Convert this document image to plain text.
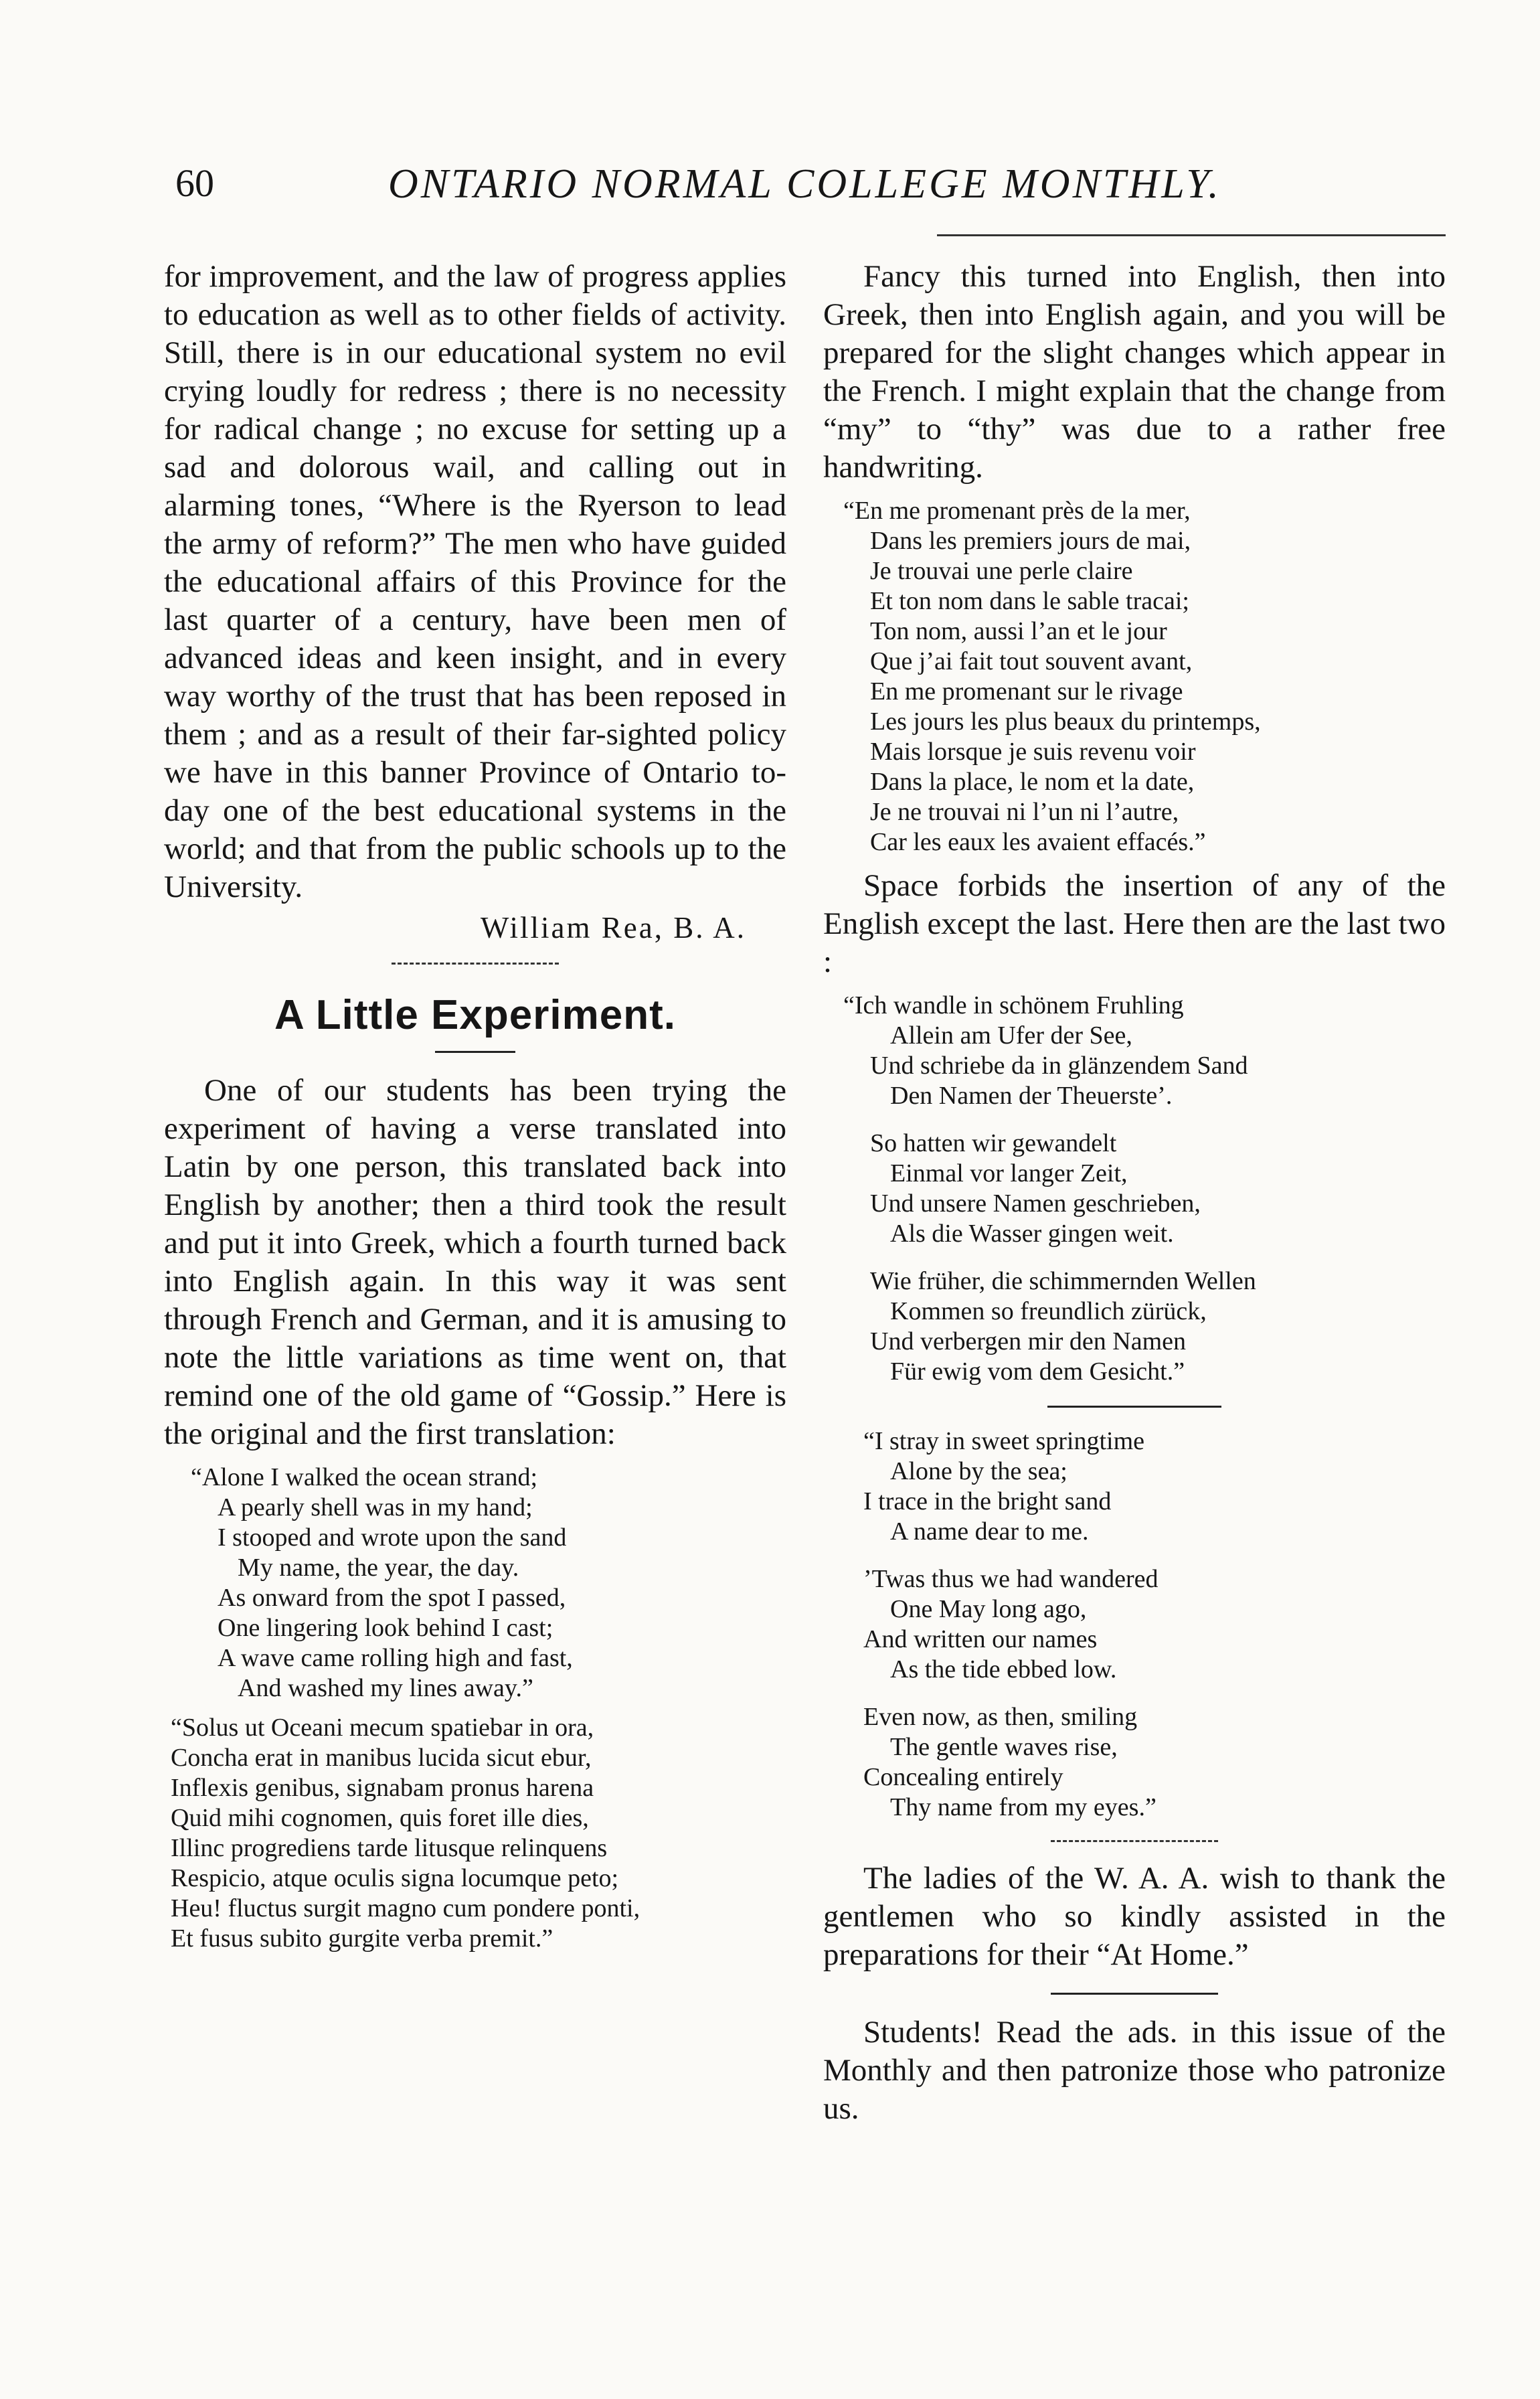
60	ONTARIO NORMAL COLLEGE MONTHLY.

for improvement, and the law of progress applies to education as well as to other fields of activity. Still, there is in our educational system no evil crying loudly for redress ; there is no necessity for radical change ; no excuse for setting up a sad and dolorous wail, and calling out in alarming tones, “Where is the Ryerson to lead the army of reform?” The men who have guided the educational affairs of this Province for the last quarter of a century, have been men of advanced ideas and keen insight, and in every way worthy of the trust that has been reposed in them ; and as a result of their far-sighted policy we have in this banner Province of Ontario to-day one of the best educational systems in the world; and that from the public schools up to the University.

William Rea, B. A.

A Little Experiment.

One of our students has been trying the experiment of having a verse translated into Latin by one person, this translated back into English by another; then a third took the result and put it into Greek, which a fourth turned back into English again. In this way it was sent through French and German, and it is amusing to note the little variations as time went on, that remind one of the old game of “Gossip.” Here is the original and the first translation:

“Alone I walked the ocean strand;
A pearly shell was in my hand;
I stooped and wrote upon the sand
My name, the year, the day.
As onward from the spot I passed,
One lingering look behind I cast;
A wave came rolling high and fast,
And washed my lines away.”
“Solus ut Oceani mecum spatiebar in ora,
Concha erat in manibus lucida sicut ebur,
Inflexis genibus, signabam pronus harena
Quid mihi cognomen, quis foret ille dies,
Illinc progrediens tarde litusque relinquens
Respicio, atque oculis signa locumque peto;
Heu! fluctus surgit magno cum pondere ponti,
Et fusus subito gurgite verba premit.”

Fancy this turned into English, then into Greek, then into English again, and you will be prepared for the slight changes which appear in the French. I might explain that the change from “my” to “thy” was due to a rather free handwriting.

“En me promenant près de la mer,
Dans les premiers jours de mai,
Je trouvai une perle claire
Et ton nom dans le sable tracai;
Ton nom, aussi l’an et le jour
Que j’ai fait tout souvent avant,
En me promenant sur le rivage
Les jours les plus beaux du printemps,
Mais lorsque je suis revenu voir
Dans la place, le nom et la date,
Je ne trouvai ni l’un ni l’autre,
Car les eaux les avaient effacés.”

Space forbids the insertion of any of the English except the last. Here then are the last two :

“Ich wandle in schönem Fruhling
Allein am Ufer der See,
Und schriebe da in glänzendem Sand
Den Namen der Theuerste’.
So hatten wir gewandelt
Einmal vor langer Zeit,
Und unsere Namen geschrieben,
Als die Wasser gingen weit.
Wie früher, die schimmernden Wellen
Kommen so freundlich zürück,
Und verbergen mir den Namen
Für ewig vom dem Gesicht.”
“I stray in sweet springtime
Alone by the sea;
I trace in the bright sand
A name dear to me.
’Twas thus we had wandered
One May long ago,
And written our names
As the tide ebbed low.
Even now, as then, smiling
The gentle waves rise,
Concealing entirely
Thy name from my eyes.”

The ladies of the W. A. A. wish to thank the gentlemen who so kindly assisted in the preparations for their “At Home.”

Students! Read the ads. in this issue of the Monthly and then patronize those who patronize us.
